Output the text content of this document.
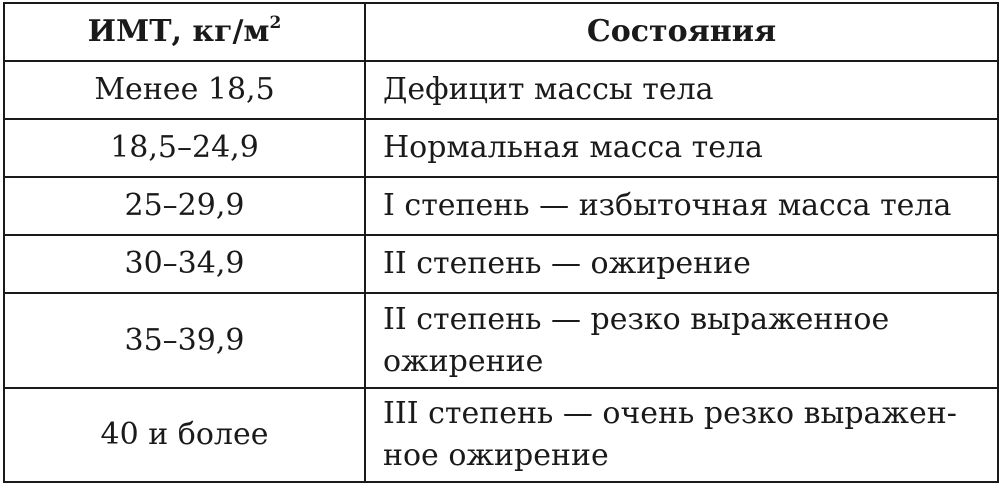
ИМТ, $кг/м^2$	Состояния
Менее 18,5	Дефицит массы тела
18,5–24,9	Нормальная масса тела
25–29,9	I степень — избыточная масса тела
30–34,9	II степень — ожирение
35–39,9	II степень — резко выраженное ожирение
40 и более	III степень — очень резко выражен-ное ожирение
